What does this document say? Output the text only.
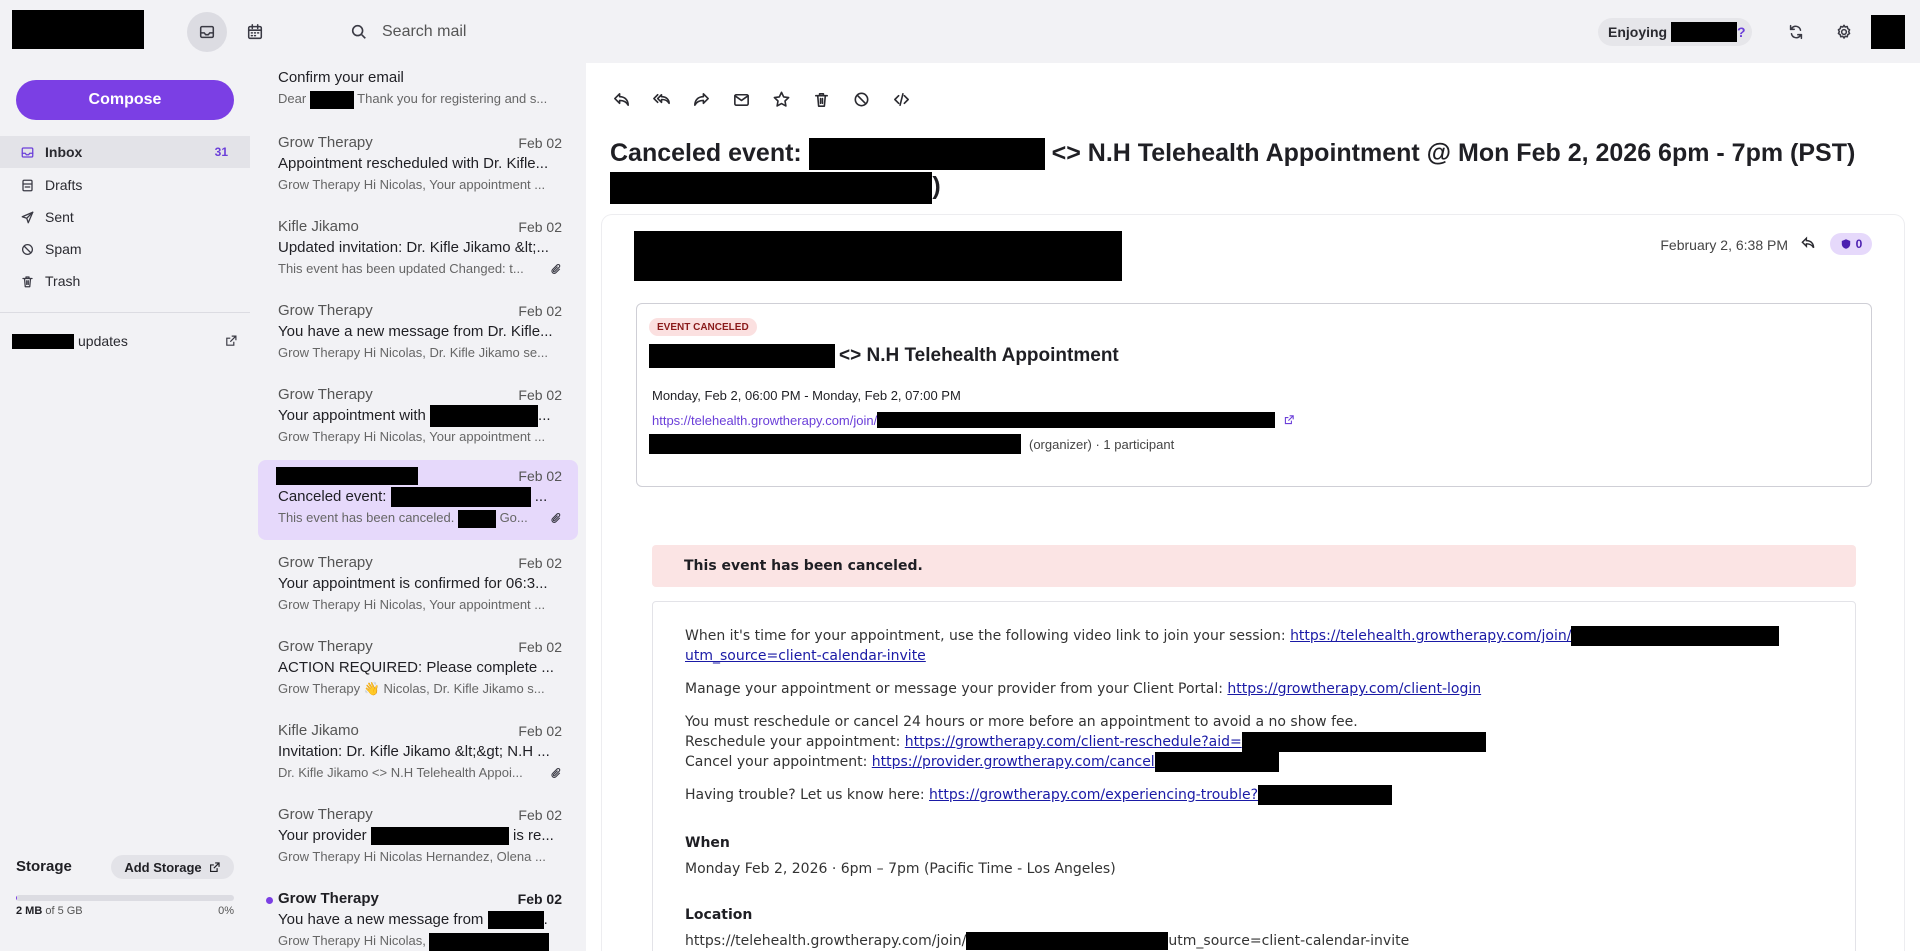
Search mail
Enjoying
	?
Compose
Inbox	31
Drafts
Sent
Spam
Trash
updates
Storage	Add Storage
2 MB of 5 GB	0%
Confirm your email
Dear	Thank you for registering and s...
Grow Therapy	Feb 02
Appointment rescheduled with Dr. Kifle...
Grow Therapy Hi Nicolas, Your appointment ...
Kifle Jikamo	Feb 02
Updated invitation: Dr. Kifle Jikamo &lt;...
This event has been updated Changed: t...
Grow Therapy	Feb 02
You have a new message from Dr. Kifle...
Grow Therapy Hi Nicolas, Dr. Kifle Jikamo se...
Grow Therapy	Feb 02
Your appointment with	...
Grow Therapy Hi Nicolas, Your appointment ...
Feb 02
Canceled event:	...
This event has been canceled.	Go...
Grow Therapy	Feb 02
Your appointment is confirmed for 06:3...
Grow Therapy Hi Nicolas, Your appointment ...
Grow Therapy	Feb 02
ACTION REQUIRED: Please complete ...
Grow Therapy 👋 Nicolas, Dr. Kifle Jikamo s...
Kifle Jikamo	Feb 02
Invitation: Dr. Kifle Jikamo &lt;&gt; N.H ...
Dr. Kifle Jikamo <> N.H Telehealth Appoi...
Grow Therapy	Feb 02
Your provider	is re...
Grow Therapy Hi Nicolas Hernandez, Olena ...
Grow Therapy	Feb 02
You have a new message from	.
Grow Therapy Hi Nicolas,
Canceled event:	<> N.H Telehealth Appointment @ Mon Feb 2, 2026 6pm - 7pm (PST)
)
February 2, 6:38 PM	0
EVENT CANCELED
<> N.H Telehealth Appointment
Monday, Feb 2, 06:00 PM - Monday, Feb 2, 07:00 PM
https://telehealth.growtherapy.com/join/
(organizer) · 1 participant
This event has been canceled.

When it's time for your appointment, use the following video link to join your session: https://telehealth.growtherapy.com/join/
utm_source=client-calendar-invite

Manage your appointment or message your provider from your Client Portal: https://growtherapy.com/client-login

You must reschedule or cancel 24 hours or more before an appointment to avoid a no show fee.

Reschedule your appointment: https://growtherapy.com/client-reschedule?aid=

Cancel your appointment: https://provider.growtherapy.com/cancel

Having trouble? Let us know here: https://growtherapy.com/experiencing-trouble?

When

Monday Feb 2, 2026 · 6pm – 7pm (Pacific Time - Los Angeles)

Location

https://telehealth.growtherapy.com/join/	utm_source=client-calendar-invite
